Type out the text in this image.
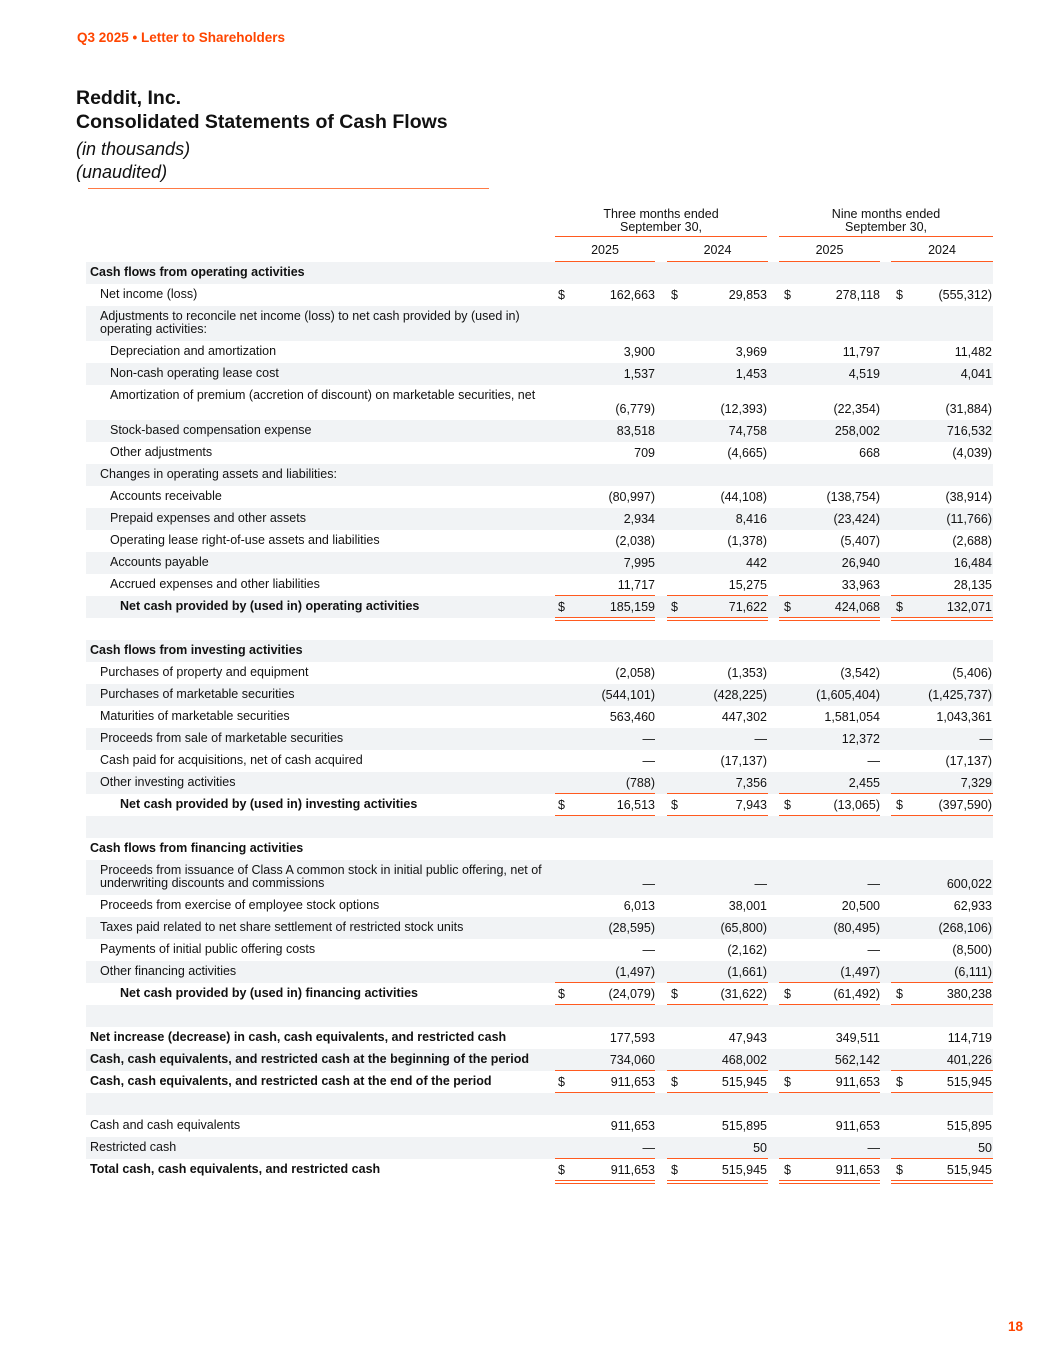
Q3 2025 • Letter to Shareholders
Reddit, Inc.
Consolidated Statements of Cash Flows
(in thousands)
(unaudited)
Three months ended
September 30,
Nine months ended
September 30,
2025	2024	2025	2024
Cash flows from operating activities
Net income (loss)	$	162,663 $	29,853 $	278,118 $	(555,312)
Adjustments to reconcile net income (loss) to net cash provided by (used in) operating activities:
Depreciation and amortization	3,900	3,969	11,797	11,482
Non-cash operating lease cost	1,537	1,453	4,519	4,041
Amortization of premium (accretion of discount) on marketable securities, net
(6,779)	(12,393)	(22,354)	(31,884)
Stock-based compensation expense	83,518	74,758	258,002	716,532
Other adjustments	709	(4,665)	668	(4,039)
Changes in operating assets and liabilities:
Accounts receivable	(80,997)	(44,108)	(138,754)	(38,914)
Prepaid expenses and other assets	2,934	8,416	(23,424)	(11,766)
Operating lease right-of-use assets and liabilities	(2,038)	(1,378)	(5,407)	(2,688)
Accounts payable	7,995	442	26,940	16,484
Accrued expenses and other liabilities	11,717	15,275	33,963	28,135
Net cash provided by (used in) operating activities	$	185,159 $	71,622 $	424,068 $	132,071
Cash flows from investing activities
Purchases of property and equipment	(2,058)	(1,353)	(3,542)	(5,406)
Purchases of marketable securities	(544,101)	(428,225)	(1,605,404)	(1,425,737)
Maturities of marketable securities	563,460	447,302	1,581,054	1,043,361
Proceeds from sale of marketable securities	—	—	12,372	—
Cash paid for acquisitions, net of cash acquired	—	(17,137)	—	(17,137)
Other investing activities	(788)	7,356	2,455	7,329
Net cash provided by (used in) investing activities	$	16,513 $	7,943 $	(13,065) $	(397,590)
Cash flows from financing activities
Proceeds from issuance of Class A common stock in initial public offering, net of underwriting discounts and commissions	—	—	—	600,022
Proceeds from exercise of employee stock options	6,013	38,001	20,500	62,933
Taxes paid related to net share settlement of restricted stock units	(28,595)	(65,800)	(80,495)	(268,106)
Payments of initial public offering costs	—	(2,162)	—	(8,500)
Other financing activities	(1,497)	(1,661)	(1,497)	(6,111)
Net cash provided by (used in) financing activities	$	(24,079) $	(31,622) $	(61,492) $	380,238
Net increase (decrease) in cash, cash equivalents, and restricted cash	177,593	47,943	349,511	114,719
Cash, cash equivalents, and restricted cash at the beginning of the period	734,060	468,002	562,142	401,226
Cash, cash equivalents, and restricted cash at the end of the period	$	911,653 $	515,945 $	911,653 $	515,945
Cash and cash equivalents	911,653	515,895	911,653	515,895
Restricted cash	—	50	—	50
Total cash, cash equivalents, and restricted cash	$	911,653 $	515,945 $	911,653 $	515,945
18
